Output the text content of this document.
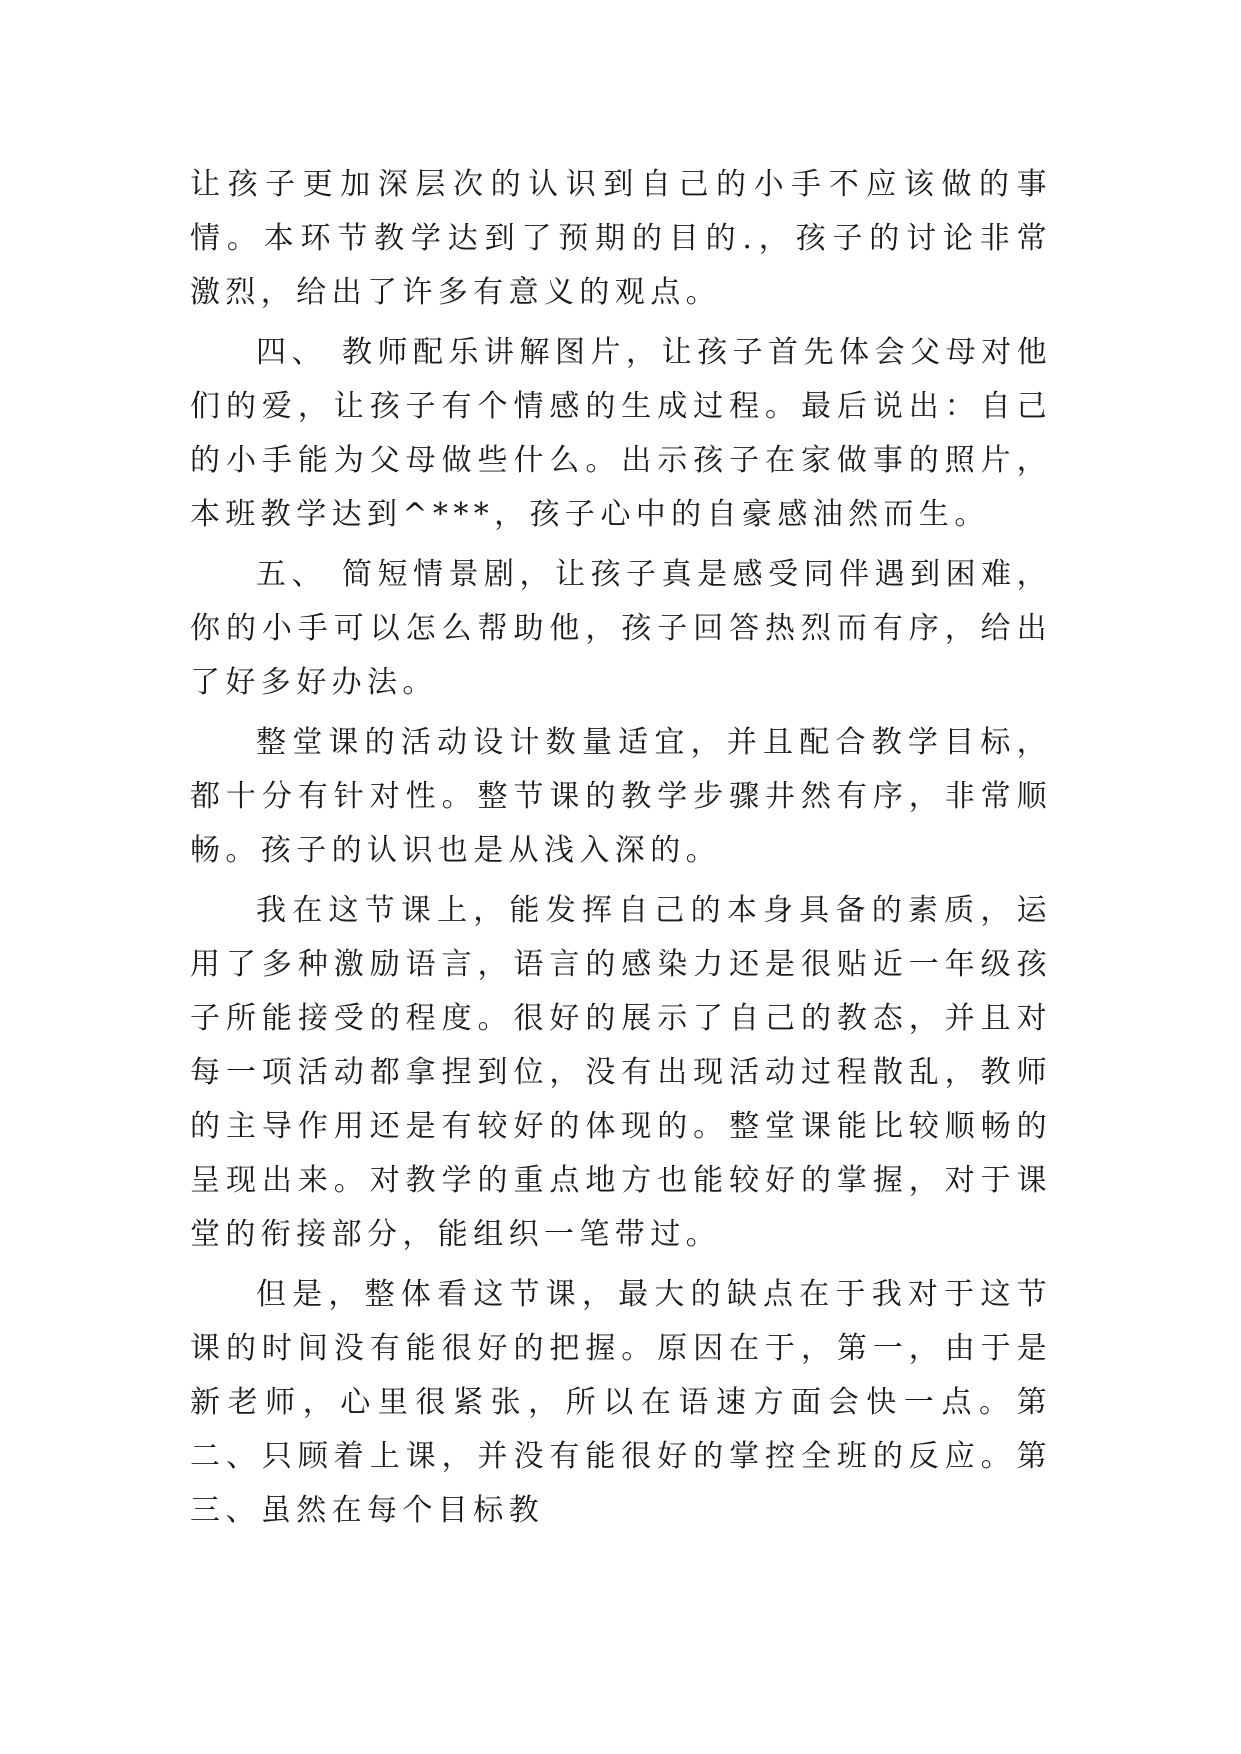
让孩子更加深层次的认识到自己的小手不应该做的事情。本环节教学达到了预期的目的.，孩子的讨论非常激烈，给出了许多有意义的观点。

四、 教师配乐讲解图片，让孩子首先体会父母对他们的爱，让孩子有个情感的生成过程。最后说出：自己的小手能为父母做些什么。出示孩子在家做事的照片，本班教学达到^***，孩子心中的自豪感油然而生。

五、 简短情景剧，让孩子真是感受同伴遇到困难，你的小手可以怎么帮助他，孩子回答热烈而有序，给出了好多好办法。

整堂课的活动设计数量适宜，并且配合教学目标，都十分有针对性。整节课的教学步骤井然有序，非常顺畅。孩子的认识也是从浅入深的。

我在这节课上，能发挥自己的本身具备的素质，运用了多种激励语言，语言的感染力还是很贴近一年级孩子所能接受的程度。很好的展示了自己的教态，并且对每一项活动都拿捏到位，没有出现活动过程散乱，教师的主导作用还是有较好的体现的。整堂课能比较顺畅的呈现出来。对教学的重点地方也能较好的掌握，对于课堂的衔接部分，能组织一笔带过。

但是，整体看这节课，最大的缺点在于我对于这节课的时间没有能很好的把握。原因在于，第一，由于是新老师，心里很紧张，所以在语速方面会快一点。第二、只顾着上课，并没有能很好的掌控全班的反应。第三、虽然在每个目标教
